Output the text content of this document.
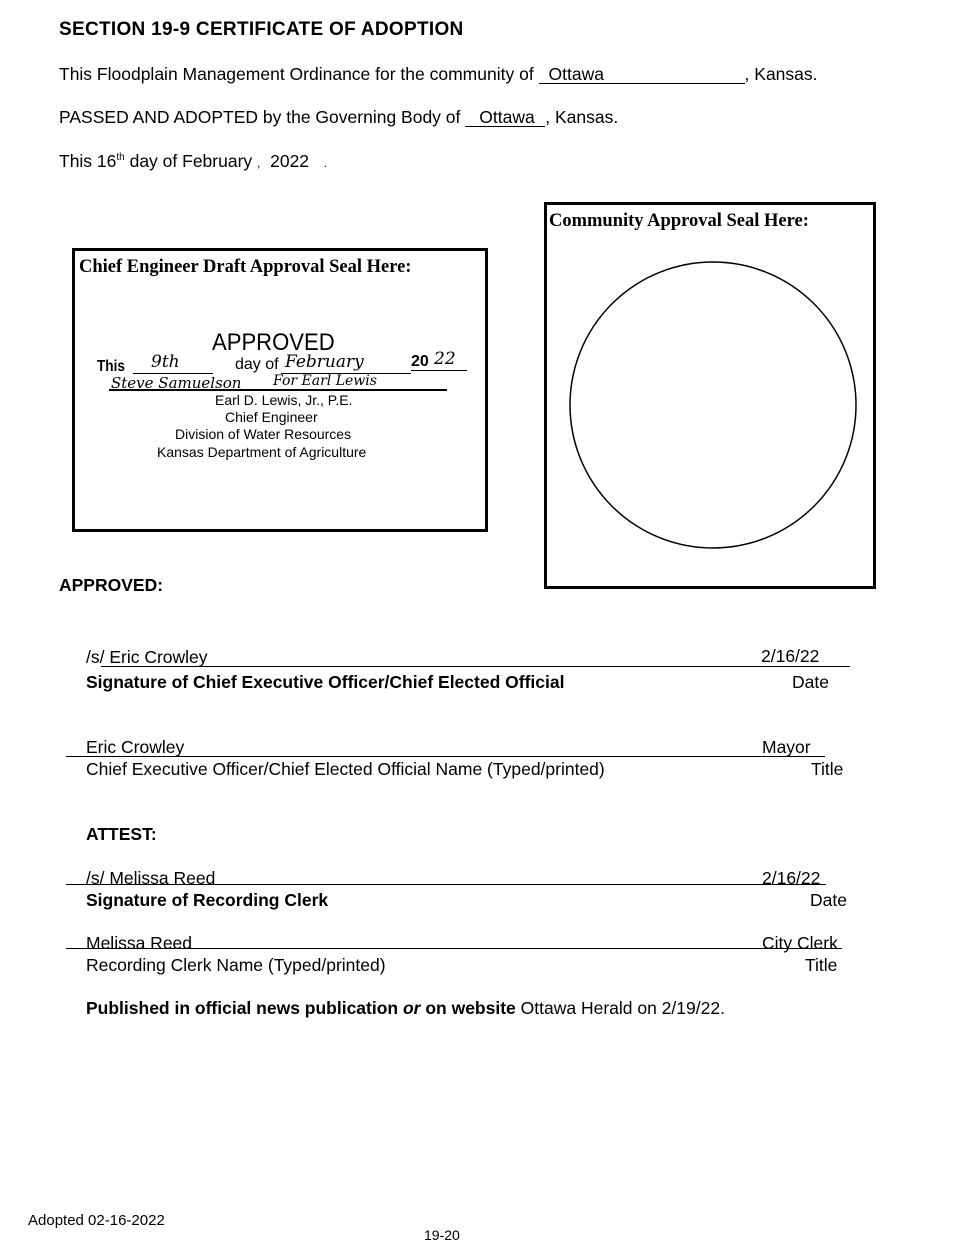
SECTION 19-9 CERTIFICATE OF ADOPTION
This Floodplain Management Ordinance for the community of Ottawa	, Kansas.
PASSED AND ADOPTED by the Governing Body of Ottawa , Kansas.
This 16th day of February , 2022 .
Chief Engineer Draft Approval Seal Here:
APPROVED
This 9th	day of February	20 22
Steve Samuelson For Earl Lewis
Earl D. Lewis, Jr., P.E.
Chief Engineer
Division of Water Resources
Kansas Department of Agriculture
Community Approval Seal Here:
APPROVED:
/s/ Eric Crowley	2/16/22
Signature of Chief Executive Officer/Chief Elected Official	Date
Eric Crowley	Mayor
Chief Executive Officer/Chief Elected Official Name (Typed/printed)	Title
ATTEST:
/s/ Melissa Reed	2/16/22
Signature of Recording Clerk	Date
Melissa Reed	City Clerk
Recording Clerk Name (Typed/printed)	Title
Published in official news publication or on website Ottawa Herald on 2/19/22.
Adopted 02-16-2022
19-20
